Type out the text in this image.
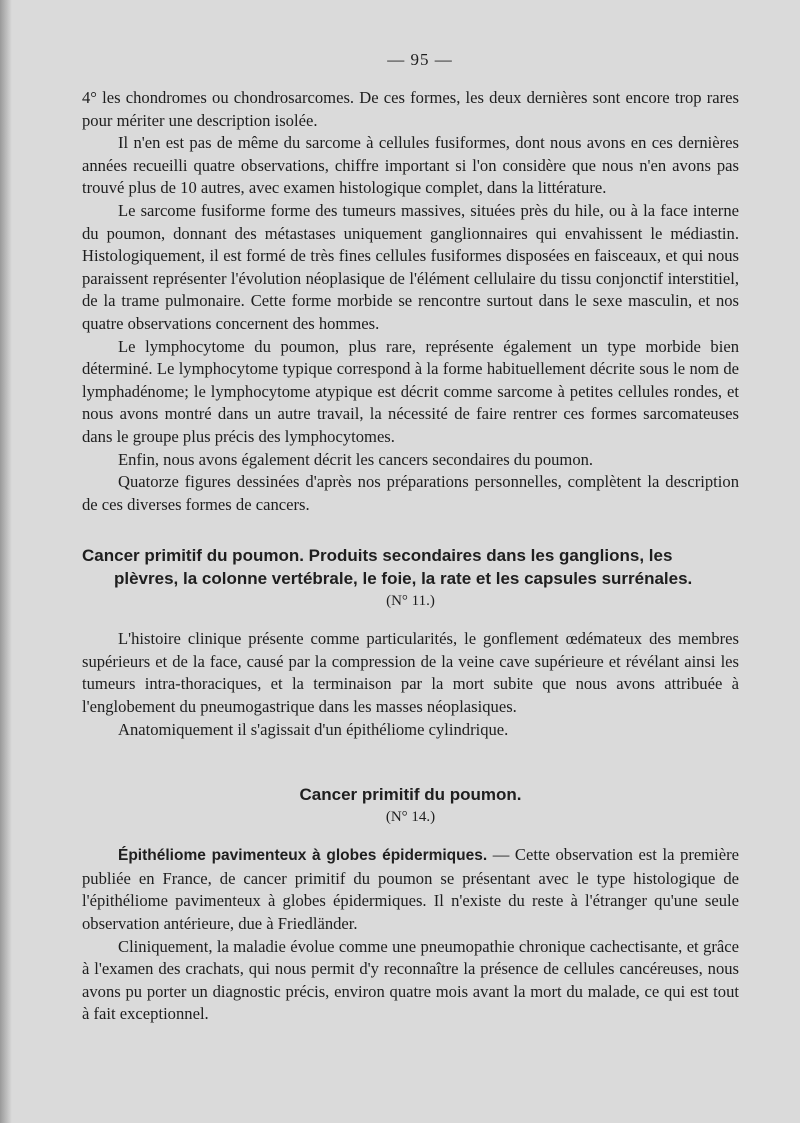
— 95 —

4° les chondromes ou chondrosarcomes. De ces formes, les deux dernières sont encore trop rares pour mériter une description isolée.

Il n'en est pas de même du sarcome à cellules fusiformes, dont nous avons en ces dernières années recueilli quatre observations, chiffre important si l'on considère que nous n'en avons pas trouvé plus de 10 autres, avec examen histologique complet, dans la littérature.

Le sarcome fusiforme forme des tumeurs massives, situées près du hile, ou à la face interne du poumon, donnant des métastases uniquement ganglionnaires qui envahissent le médiastin. Histologiquement, il est formé de très fines cellules fusiformes disposées en faisceaux, et qui nous paraissent représenter l'évolution néoplasique de l'élément cellulaire du tissu conjonctif interstitiel, de la trame pulmonaire. Cette forme morbide se rencontre surtout dans le sexe masculin, et nos quatre observations concernent des hommes.

Le lymphocytome du poumon, plus rare, représente également un type morbide bien déterminé. Le lymphocytome typique correspond à la forme habituellement décrite sous le nom de lymphadénome; le lymphocytome atypique est décrit comme sarcome à petites cellules rondes, et nous avons montré dans un autre travail, la nécessité de faire rentrer ces formes sarcomateuses dans le groupe plus précis des lymphocytomes.

Enfin, nous avons également décrit les cancers secondaires du poumon.

Quatorze figures dessinées d'après nos préparations personnelles, complètent la description de ces diverses formes de cancers.

Cancer primitif du poumon. Produits secondaires dans les ganglions, les plèvres, la colonne vertébrale, le foie, la rate et les capsules surrénales.
(N° 11.)

L'histoire clinique présente comme particularités, le gonflement œdémateux des membres supérieurs et de la face, causé par la compression de la veine cave supérieure et révélant ainsi les tumeurs intra-thoraciques, et la terminaison par la mort subite que nous avons attribuée à l'englobement du pneumogastrique dans les masses néoplasiques.

Anatomiquement il s'agissait d'un épithéliome cylindrique.

Cancer primitif du poumon.
(N° 14.)

Épithéliome pavimenteux à globes épidermiques. — Cette observation est la première publiée en France, de cancer primitif du poumon se présentant avec le type histologique de l'épithéliome pavimenteux à globes épidermiques. Il n'existe du reste à l'étranger qu'une seule observation antérieure, due à Friedländer.

Cliniquement, la maladie évolue comme une pneumopathie chronique cachectisante, et grâce à l'examen des crachats, qui nous permit d'y reconnaître la présence de cellules cancéreuses, nous avons pu porter un diagnostic précis, environ quatre mois avant la mort du malade, ce qui est tout à fait exceptionnel.
